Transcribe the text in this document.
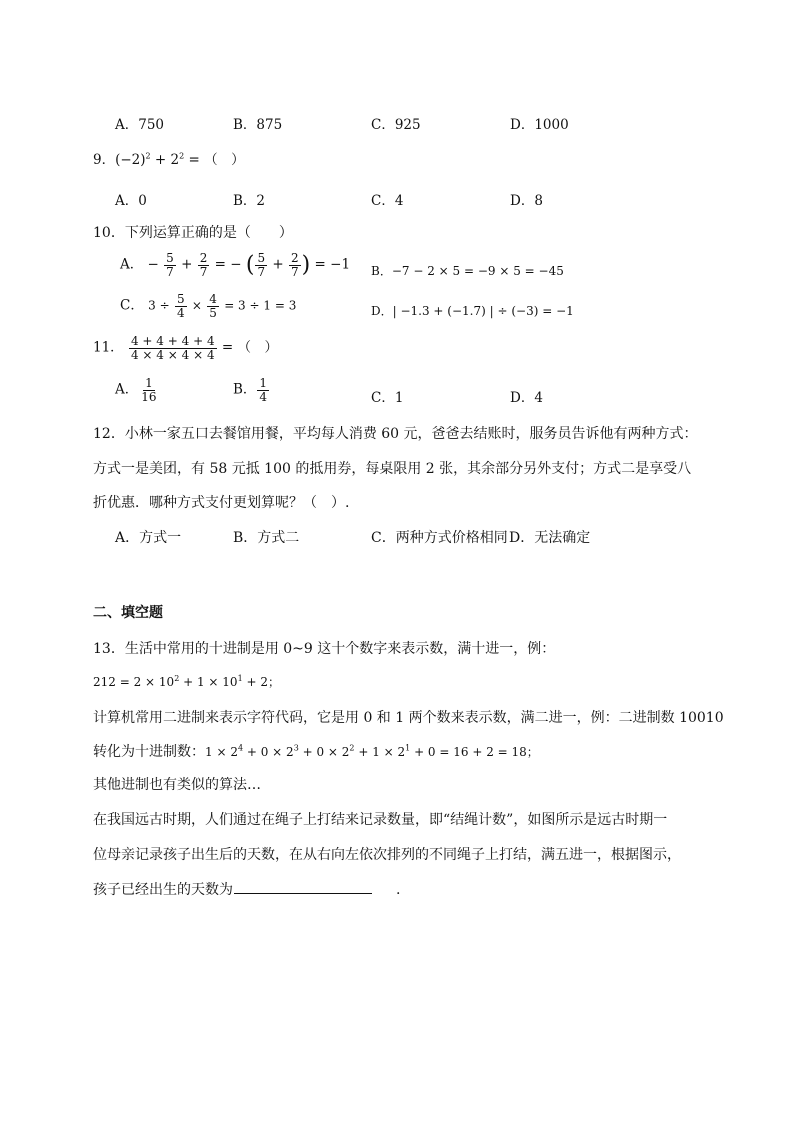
A．750	B．875	C．925	D．1000
9．$(-2)^2 + 2^2$ = （　）
A．0	B．2	C．4	D．8
10．下列运算正确的是（　　）
A． − $\frac{5}{7} + \frac{2}{7}$ = − ( $\frac{5}{7} + \frac{2}{7}$ ) = −1 B．−7 − 2 × 5 = −9 × 5 = −45
C． $3 \div \frac{5}{4} \times \frac{4}{5} = 3 \div 1 = 3$	D．| −1.3 + (−1.7) | ÷ (−3) = −1
11． $\frac{4 + 4 + 4 + 4}{4 \times 4 \times 4 \times 4}$ = （　）
A． $\frac{1}{16}$	B． $\frac{1}{4}$	C．1	D．4
12．小林一家五口去餐馆用餐，平均每人消费 60 元，爸爸去结账时，服务员告诉他有两种方式：
方式一是美团，有 58 元抵 100 的抵用券，每桌限用 2 张，其余部分另外支付；方式二是享受八
折优惠．哪种方式支付更划算呢？（　）.
A．方式一	B．方式二	C．两种方式价格相同 D．无法确定
二、填空题
13．生活中常用的十进制是用 0~9 这十个数字来表示数，满十进一，例：
$212 = 2 \times 10^2 + 1 \times 10^1 + 2$；
计算机常用二进制来表示字符代码，它是用 0 和 1 两个数来表示数，满二进一，例：二进制数 10010
转化为十进制数：$1 \times 2^4 + 0 \times 2^3 + 0 \times 2^2 + 1 \times 2^1 + 0 = 16 + 2 = 18$；
其他进制也有类似的算法…
在我国远古时期，人们通过在绳子上打结来记录数量，即“结绳计数”，如图所示是远古时期一
位母亲记录孩子出生后的天数，在从右向左依次排列的不同绳子上打结，满五进一，根据图示，
孩子已经出生的天数为	.
